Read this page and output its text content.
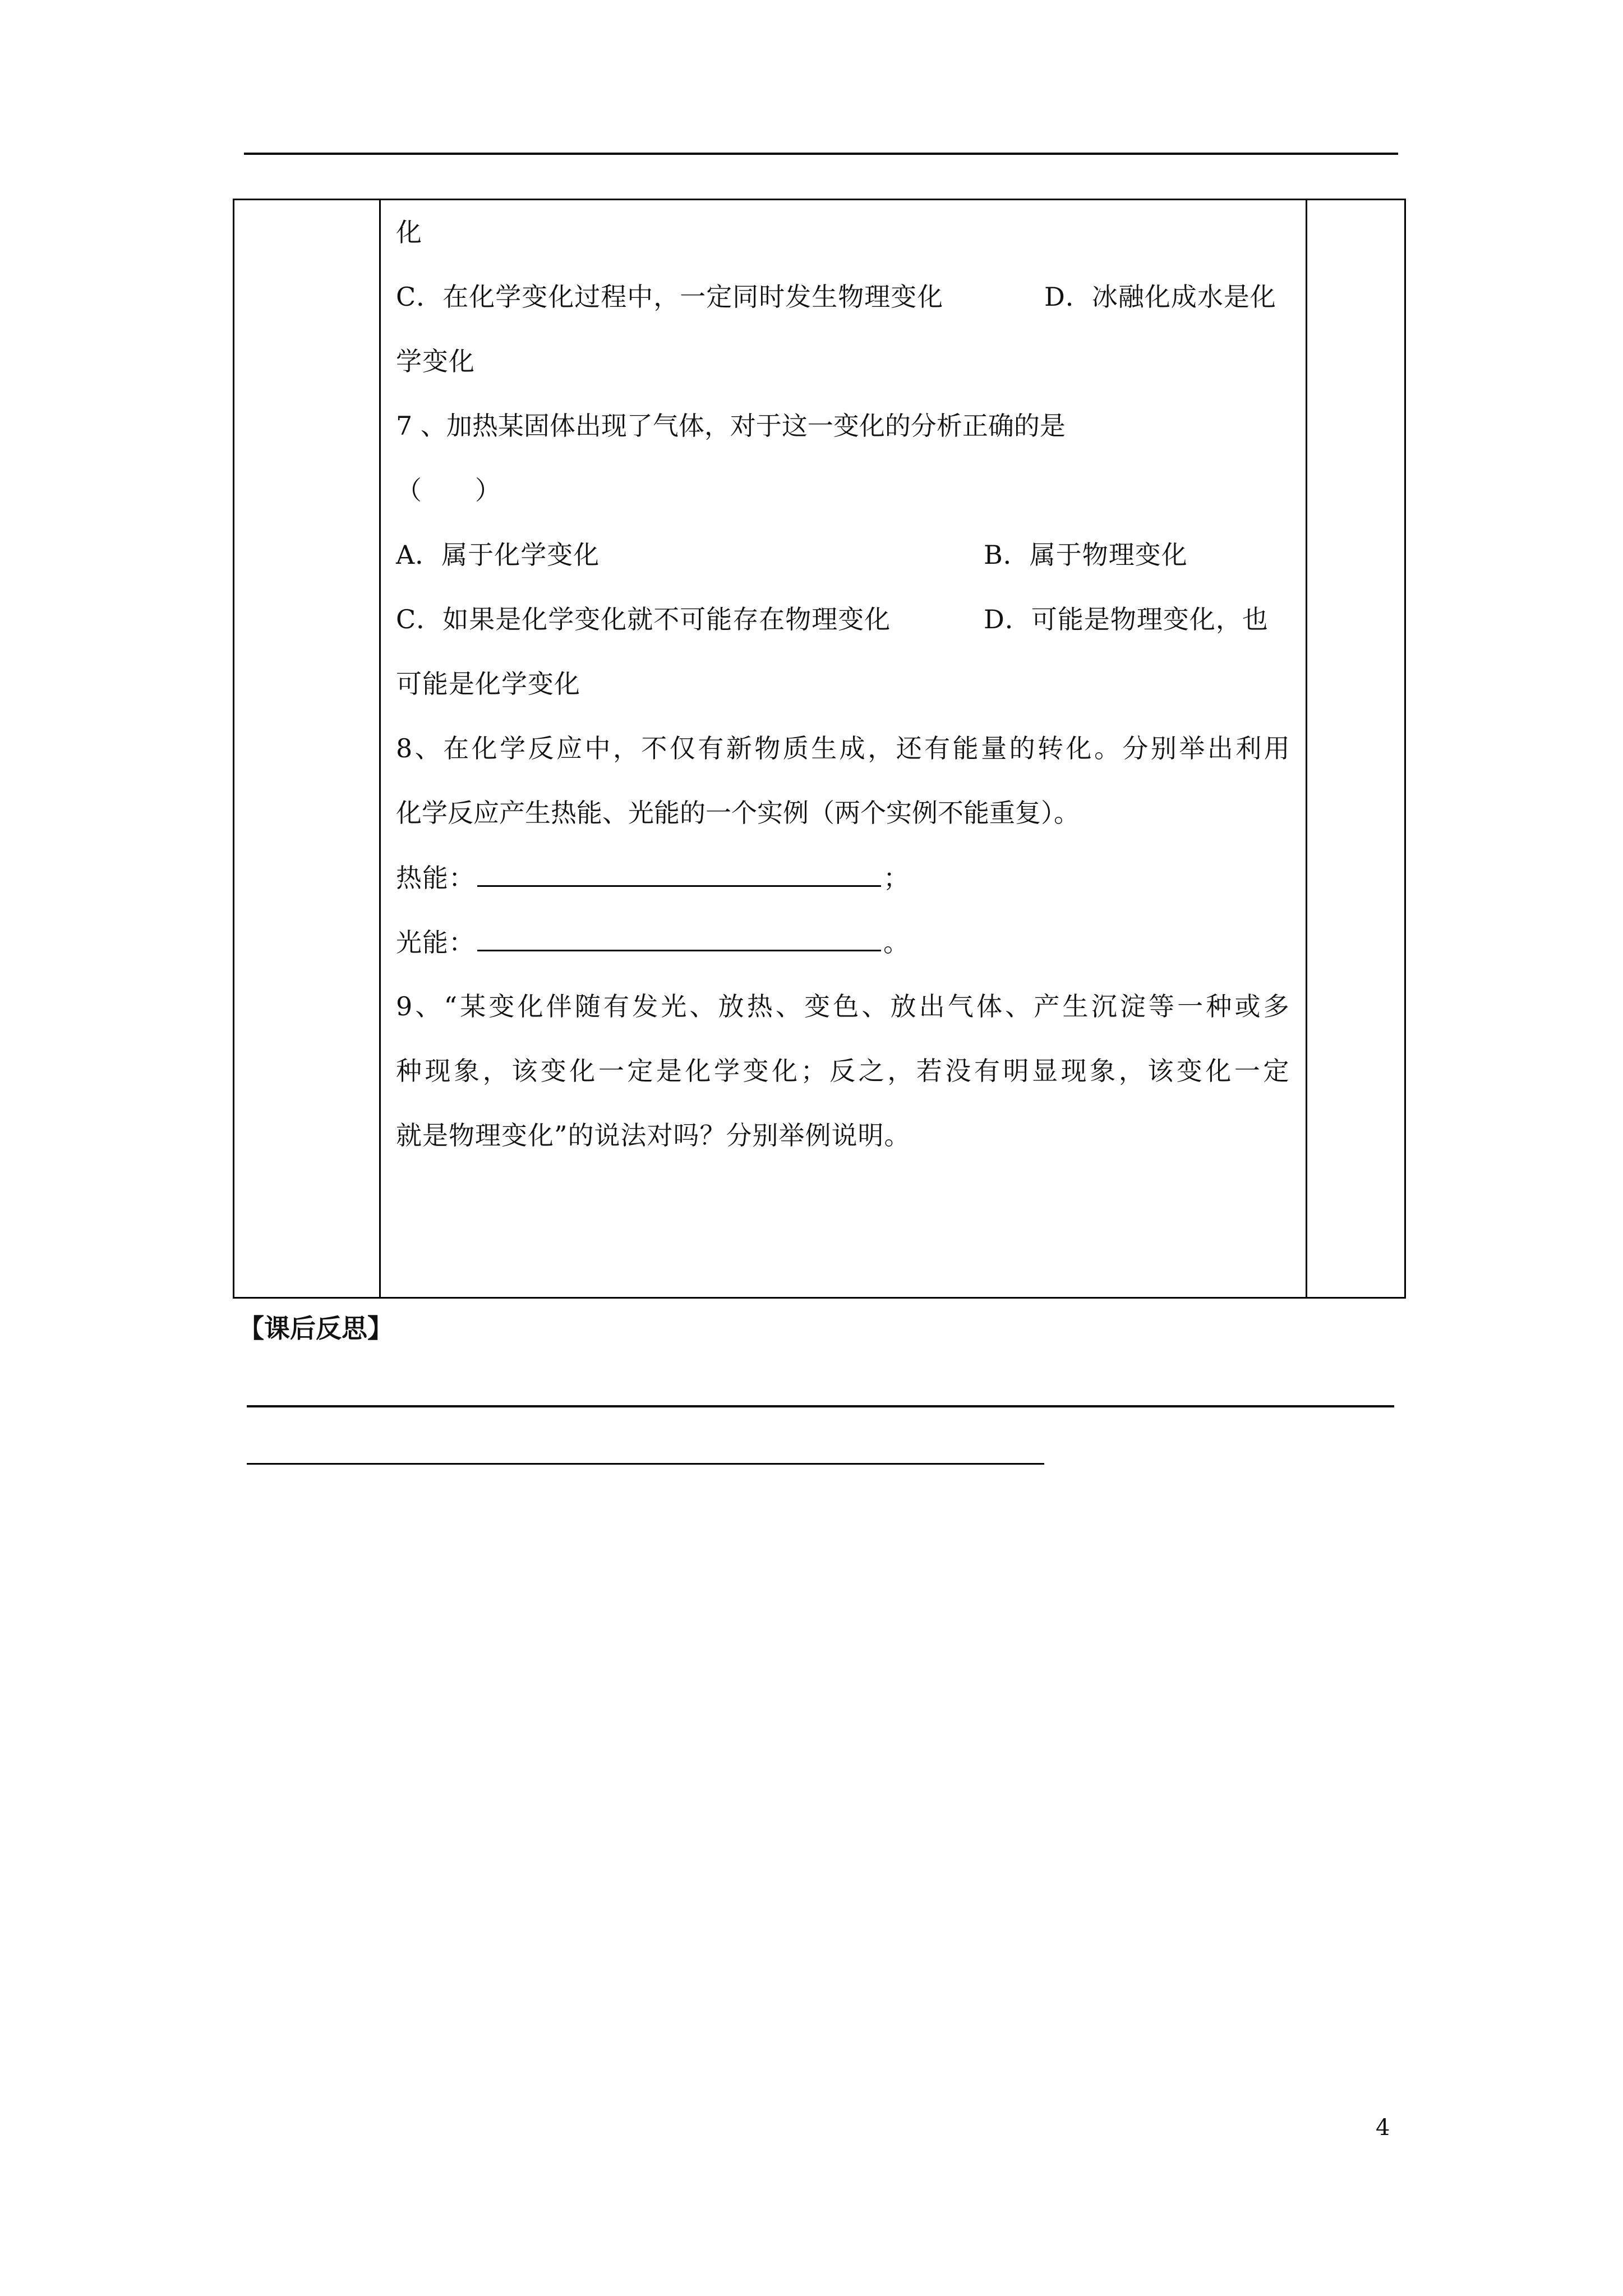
化
C．在化学变化过程中，一定同时发生物理变化	D．冰融化成水是化
学变化
7 、加热某固体出现了气体，对于这一变化的分析正确的是
（　　）
A．属于化学变化	B．属于物理变化
C．如果是化学变化就不可能存在物理变化	D．可能是物理变化，也
可能是化学变化
8、在化学反应中，不仅有新物质生成，还有能量的转化。分别举出利用
化学反应产生热能、光能的一个实例（两个实例不能重复）。
热能：	；
光能：	。
9、“某变化伴随有发光、放热、变色、放出气体、产生沉淀等一种或多
种现象，该变化一定是化学变化；反之，若没有明显现象，该变化一定
就是物理变化”的说法对吗？分别举例说明。
【课后反思】
4
